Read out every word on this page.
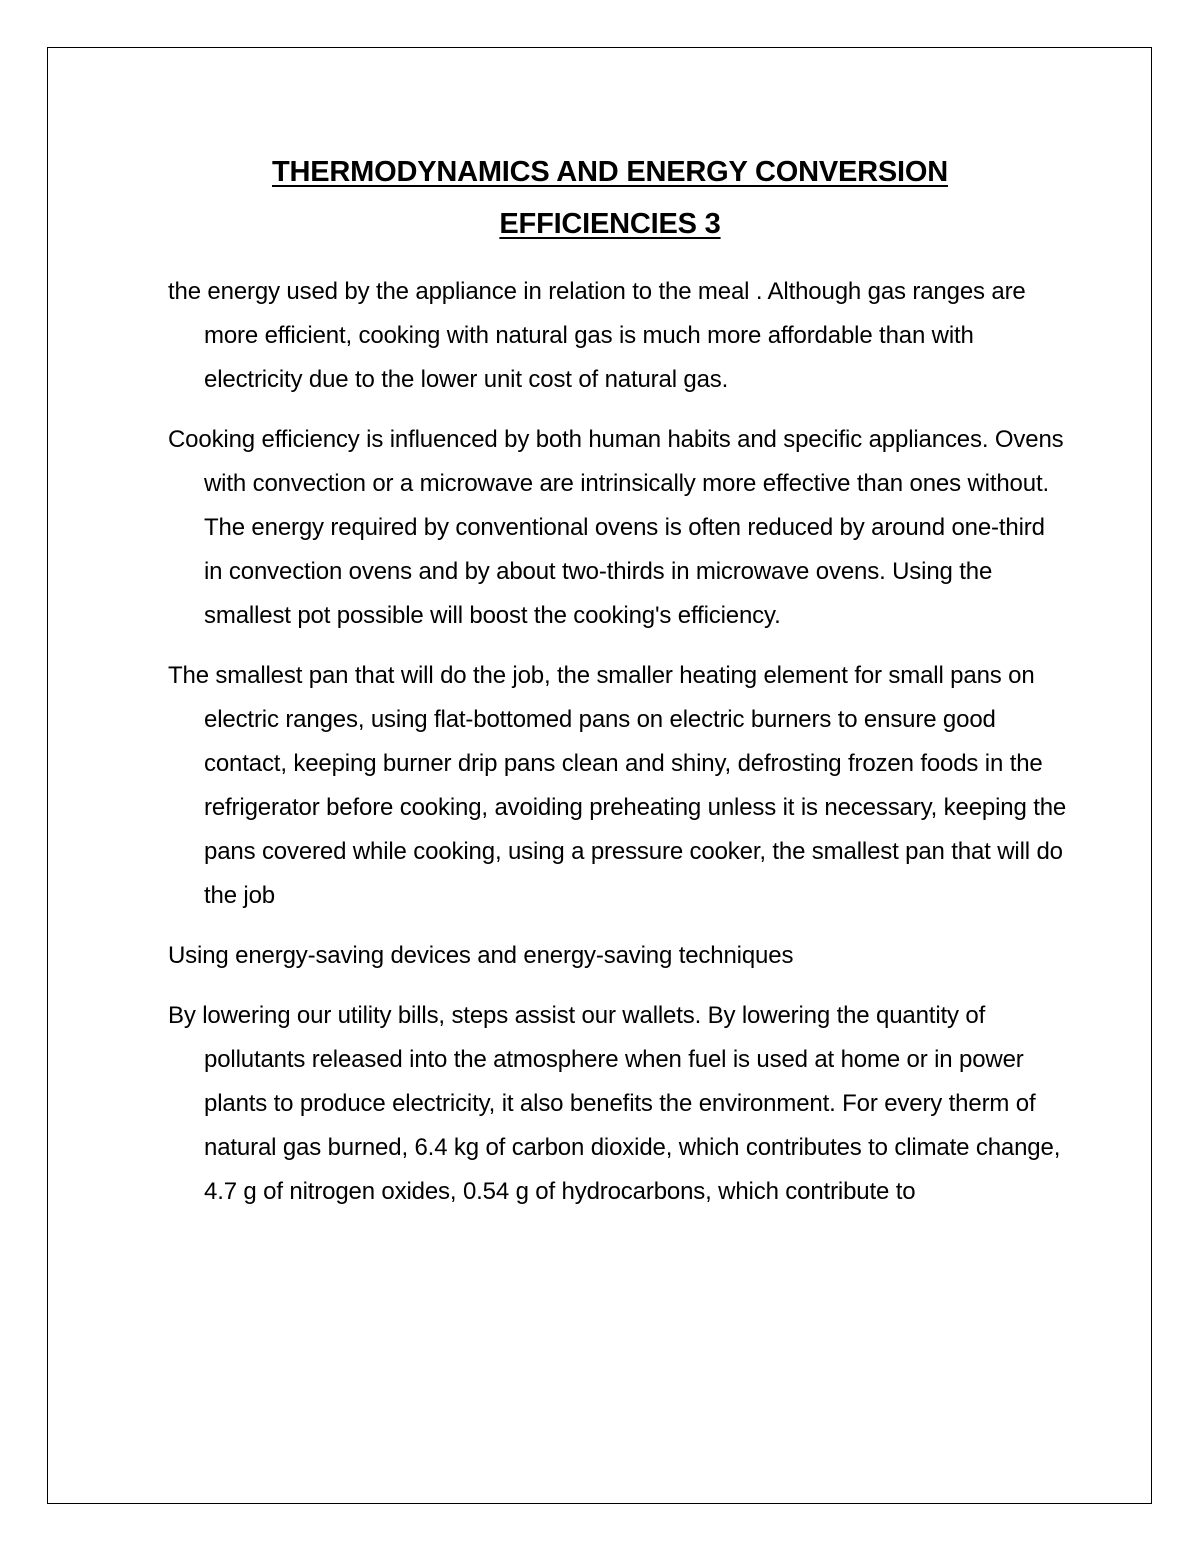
THERMODYNAMICS AND ENERGY CONVERSION
EFFICIENCIES 3

the energy used by the appliance in relation to the meal . Although gas ranges are more efficient, cooking with natural gas is much more affordable than with electricity due to the lower unit cost of natural gas.

Cooking efficiency is influenced by both human habits and specific appliances. Ovens with convection or a microwave are intrinsically more effective than ones without. The energy required by conventional ovens is often reduced by around one-third in convection ovens and by about two-thirds in microwave ovens. Using the smallest pot possible will boost the cooking's efficiency.

The smallest pan that will do the job, the smaller heating element for small pans on electric ranges, using flat-bottomed pans on electric burners to ensure good contact, keeping burner drip pans clean and shiny, defrosting frozen foods in the refrigerator before cooking, avoiding preheating unless it is necessary, keeping the pans covered while cooking, using a pressure cooker, the smallest pan that will do the job

Using energy-saving devices and energy-saving techniques

By lowering our utility bills, steps assist our wallets. By lowering the quantity of pollutants released into the atmosphere when fuel is used at home or in power plants to produce electricity, it also benefits the environment. For every therm of natural gas burned, 6.4 kg of carbon dioxide, which contributes to climate change, 4.7 g of nitrogen oxides, 0.54 g of hydrocarbons, which contribute to
